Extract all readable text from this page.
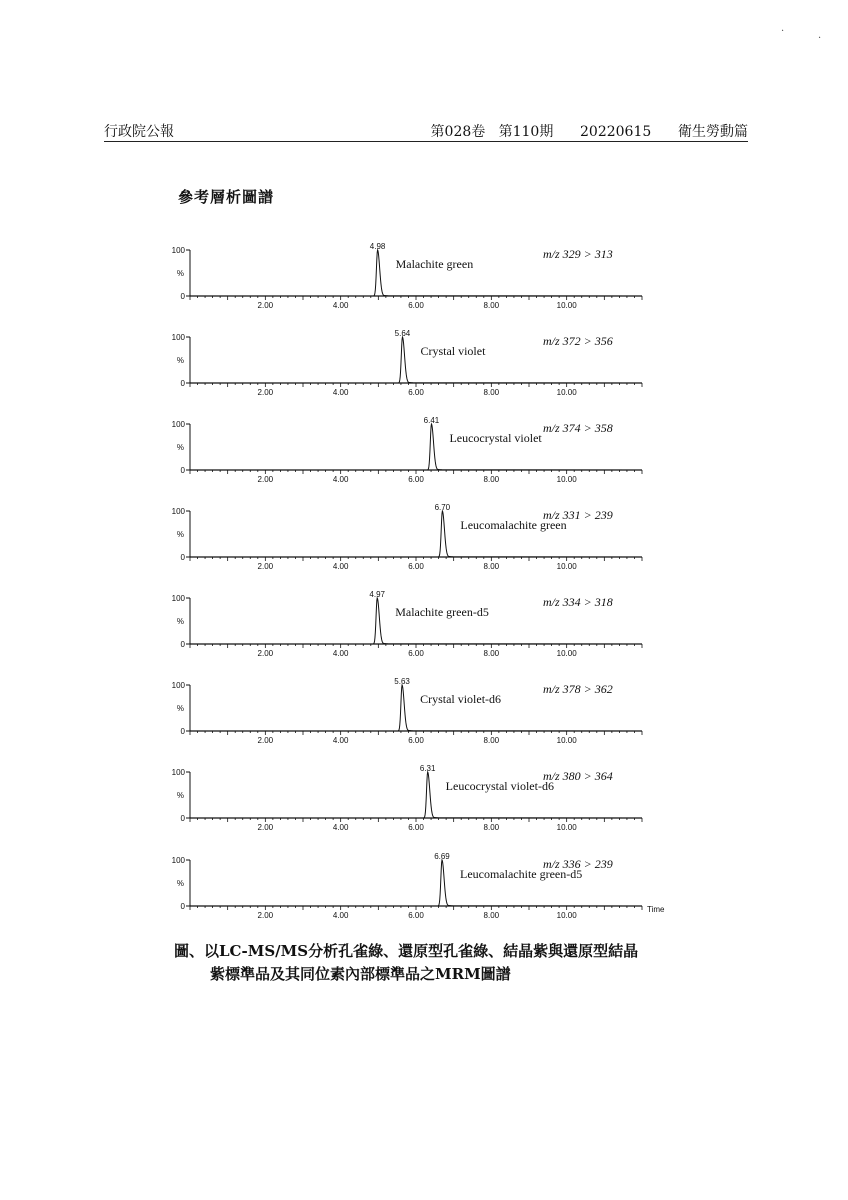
·
·
行政院公報	第028卷   第110期      20220615      衛生勞動篇
參考層析圖譜
100
0
%
2.00	4.00	6.00	8.00	10.00
4.98
Malachite green
m/z 329 > 313
100
0
%
2.00	4.00	6.00	8.00	10.00
5.64
Crystal violet
m/z 372 > 356
100
0
%
2.00	4.00	6.00	8.00	10.00
6.41
Leucocrystal violet
m/z 374 > 358
100
0
%
2.00	4.00	6.00	8.00	10.00
6.70
Leucomalachite green
m/z 331 > 239
100
0
%
2.00	4.00	6.00	8.00	10.00
4.97
Malachite green-d5
m/z 334 > 318
100
0
%
2.00	4.00	6.00	8.00	10.00
5.63
Crystal violet-d6
m/z 378 > 362
100
0
%
2.00	4.00	6.00	8.00	10.00
6.31
Leucocrystal violet-d6
m/z 380 > 364
100
0
%
2.00	4.00	6.00	8.00	10.00
Time
6.69
Leucomalachite green-d5
m/z 336 > 239
圖、以LC-MS/MS分析孔雀綠、還原型孔雀綠、結晶紫與還原型結晶
紫標準品及其同位素內部標準品之MRM圖譜
